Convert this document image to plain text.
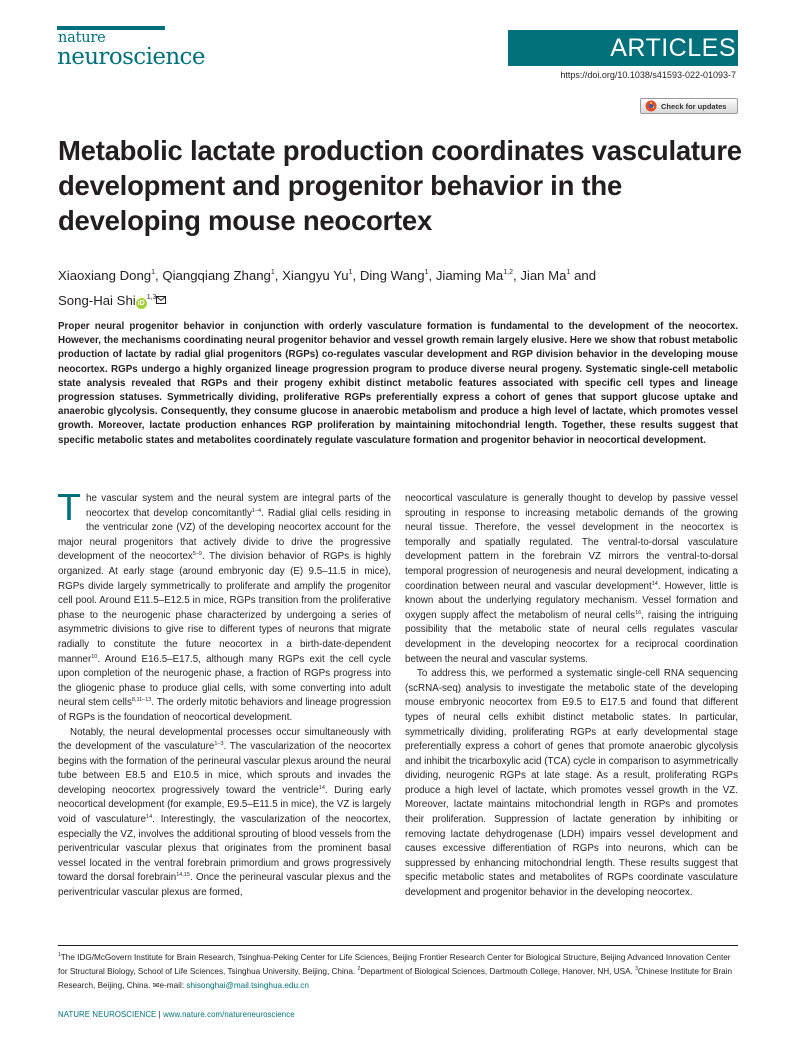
nature
neuroscience	ARTICLES
https://doi.org/10.1038/s41593-022-01093-7
Check for updates
Metabolic lactate production coordinates vasculature development and progenitor behavior in the developing mouse neocortex
Xiaoxiang Dong$^1$, Qiangqiang Zhang$^1$, Xiangyu Yu$^1$, Ding Wang$^1$, Jiaming Ma$^{1,2}$, Jian Ma$^1$ and
Song-Hai Shi iD$^{1,3}$
Proper neural progenitor behavior in conjunction with orderly vasculature formation is fundamental to the development of the neocortex. However, the mechanisms coordinating neural progenitor behavior and vessel growth remain largely elusive. Here we show that robust metabolic production of lactate by radial glial progenitors (RGPs) co-regulates vascular development and RGP division behavior in the developing mouse neocortex. RGPs undergo a highly organized lineage progression program to produce diverse neural progeny. Systematic single-cell metabolic state analysis revealed that RGPs and their progeny exhibit distinct metabolic features associated with specific cell types and lineage progression statuses. Symmetrically dividing, proliferative RGPs preferentially express a cohort of genes that support glucose uptake and anaerobic glycolysis. Consequently, they consume glucose in anaerobic metabolism and produce a high level of lactate, which promotes vessel growth. Moreover, lactate production enhances RGP proliferation by maintaining mitochondrial length. Together, these results suggest that specific metabolic states and metabolites coordinately regulate vasculature formation and progenitor behavior in neocortical development.

The vascular system and the neural system are integral parts of the neocortex that develop concomitantly$^{1-4}$. Radial glial cells residing in the ventricular zone (VZ) of the developing neocortex account for the major neural progenitors that actively divide to drive the progressive development of the neocortex$^{5-9}$. The division behavior of RGPs is highly organized. At early stage (around embryonic day (E) 9.5–11.5 in mice), RGPs divide largely symmetrically to proliferate and amplify the progenitor cell pool. Around E11.5–E12.5 in mice, RGPs transition from the proliferative phase to the neurogenic phase characterized by undergoing a series of asymmetric divisions to give rise to different types of neurons that migrate radially to constitute the future neocortex in a birth-date-dependent manner$^{10}$. Around E16.5–E17.5, although many RGPs exit the cell cycle upon completion of the neurogenic phase, a fraction of RGPs progress into the gliogenic phase to produce glial cells, with some converting into adult neural stem cells$^{8,11-13}$. The orderly mitotic behaviors and lineage progression of RGPs is the foundation of neocortical development.

Notably, the neural developmental processes occur simultaneously with the development of the vasculature$^{1-3}$. The vascularization of the neocortex begins with the formation of the perineural vascular plexus around the neural tube between E8.5 and E10.5 in mice, which sprouts and invades the developing neocortex progressively toward the ventricle$^{14}$. During early neocortical development (for example, E9.5–E11.5 in mice), the VZ is largely void of vasculature$^{14}$. Interestingly, the vascularization of the neocortex, especially the VZ, involves the additional sprouting of blood vessels from the periventricular vascular plexus that originates from the prominent basal vessel located in the ventral forebrain primordium and grows progressively toward the dorsal forebrain$^{14,15}$. Once the perineural vascular plexus and the periventricular vascular plexus are formed,

neocortical vasculature is generally thought to develop by passive vessel sprouting in response to increasing metabolic demands of the growing neural tissue. Therefore, the vessel development in the neocortex is temporally and spatially regulated. The ventral-to-dorsal vasculature development pattern in the forebrain VZ mirrors the ventral-to-dorsal temporal progression of neurogenesis and neural development, indicating a coordination between neural and vascular development$^{14}$. However, little is known about the underlying regulatory mechanism. Vessel formation and oxygen supply affect the metabolism of neural cells$^{16}$, raising the intriguing possibility that the metabolic state of neural cells regulates vascular development in the developing neocortex for a reciprocal coordination between the neural and vascular systems.

To address this, we performed a systematic single-cell RNA sequencing (scRNA-seq) analysis to investigate the metabolic state of the developing mouse embryonic neocortex from E9.5 to E17.5 and found that different types of neural cells exhibit distinct metabolic states. In particular, symmetrically dividing, proliferating RGPs at early developmental stage preferentially express a cohort of genes that promote anaerobic glycolysis and inhibit the tricarboxylic acid (TCA) cycle in comparison to asymmetrically dividing, neurogenic RGPs at late stage. As a result, proliferating RGPs produce a high level of lactate, which promotes vessel growth in the VZ. Moreover, lactate maintains mitochondrial length in RGPs and promotes their proliferation. Suppression of lactate generation by inhibiting or removing lactate dehydrogenase (LDH) impairs vessel development and causes excessive differentiation of RGPs into neurons, which can be suppressed by enhancing mitochondrial length. These results suggest that specific metabolic states and metabolites of RGPs coordinate vasculature development and progenitor behavior in the developing neocortex.

$^1$The IDG/McGovern Institute for Brain Research, Tsinghua-Peking Center for Life Sciences, Beijing Frontier Research Center for Biological Structure, Beijing Advanced Innovation Center for Structural Biology, School of Life Sciences, Tsinghua University, Beijing, China. $^2$Department of Biological Sciences, Dartmouth College, Hanover, NH, USA. $^3$Chinese Institute for Brain Research, Beijing, China. ✉e-mail: shisonghai@mail.tsinghua.edu.cn
NATURE NEUROSCIENCE | www.nature.com/natureneuroscience
